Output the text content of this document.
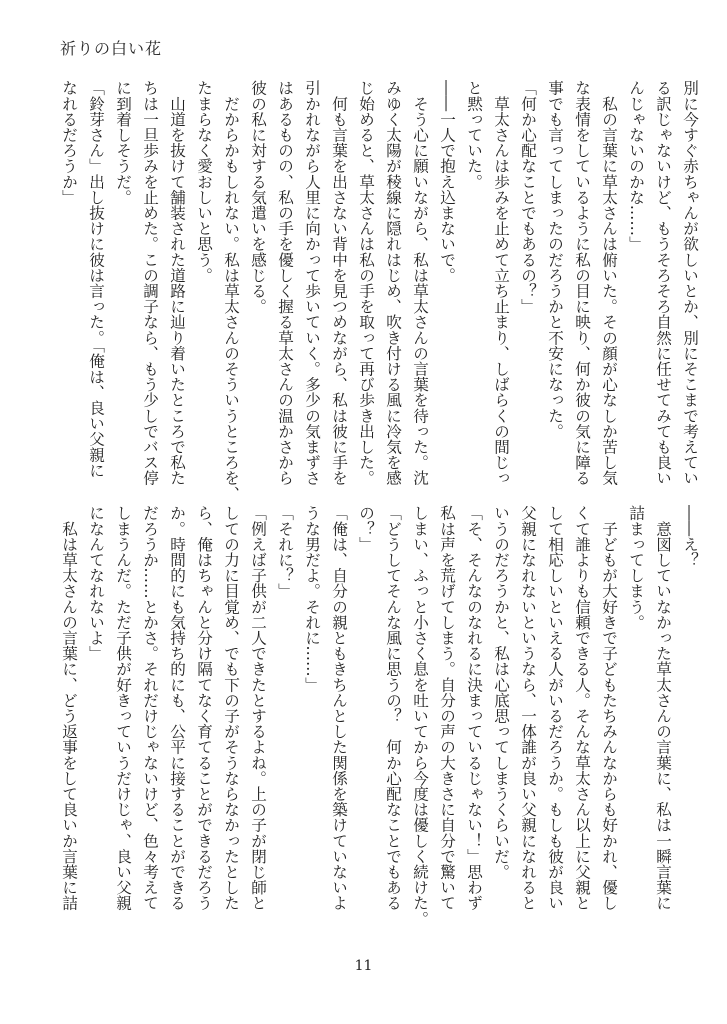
祈りの白い花
別に今すぐ赤ちゃんが欲しいとか、別にそこまで考えてい
る訳じゃないけど、もうそろそろ自然に任せてみても良い
んじゃないのかな……」
　私の言葉に草太さんは俯いた。その顔が心なしか苦し気
な表情をしているように私の目に映り、何か彼の気に障る
事でも言ってしまったのだろうかと不安になった。
「何か心配なことでもあるの？」
　草太さんは歩みを止めて立ち止まり、しばらくの間じっ
と黙っていた。
――一人で抱え込まないで。
　そう心に願いながら、私は草太さんの言葉を待った。沈
みゆく太陽が稜線に隠れはじめ、吹き付ける風に冷気を感
じ始めると、草太さんは私の手を取って再び歩き出した。
　何も言葉を出さない背中を見つめながら、私は彼に手を
引かれながら人里に向かって歩いていく。多少の気まずさ
はあるものの、私の手を優しく握る草太さんの温かさから
彼の私に対する気遣いを感じる。
　だからかもしれない。私は草太さんのそういうところを、
たまらなく愛おしいと思う。
　山道を抜けて舗装された道路に辿り着いたところで私た
ちは一旦歩みを止めた。この調子なら、もう少しでバス停
に到着しそうだ。
「鈴芽さん」出し抜けに彼は言った。「俺は、良い父親に
なれるだろうか」
――え？
　意図していなかった草太さんの言葉に、私は一瞬言葉に
詰まってしまう。
　子どもが大好きで子どもたちみんなからも好かれ、優し
くて誰よりも信頼できる人。そんな草太さん以上に父親と
して相応しいといえる人がいるだろうか。もしも彼が良い
父親になれないというなら、一体誰が良い父親になれると
いうのだろうかと、私は心底思ってしまうくらいだ。
「そ、そんなのなれるに決まっているじゃない！」思わず
私は声を荒げてしまう。自分の声の大きさに自分で驚いて
しまい、ふっと小さく息を吐いてから今度は優しく続けた。
「どうしてそんな風に思うの？　何か心配なことでもある
の？」
「俺は、自分の親ともきちんとした関係を築けていないよ
うな男だよ。それに……」
「それに？」
「例えば子供が二人できたとするよね。上の子が閉じ師と
しての力に目覚め、でも下の子がそうならなかったとした
ら、俺はちゃんと分け隔てなく育てることができるだろう
か。時間的にも気持ち的にも、公平に接することができる
だろうか……とかさ。それだけじゃないけど、色々考えて
しまうんだ。ただ子供が好きっていうだけじゃ、良い父親
になんてなれないよ」
　私は草太さんの言葉に、どう返事をして良いか言葉に詰
11
